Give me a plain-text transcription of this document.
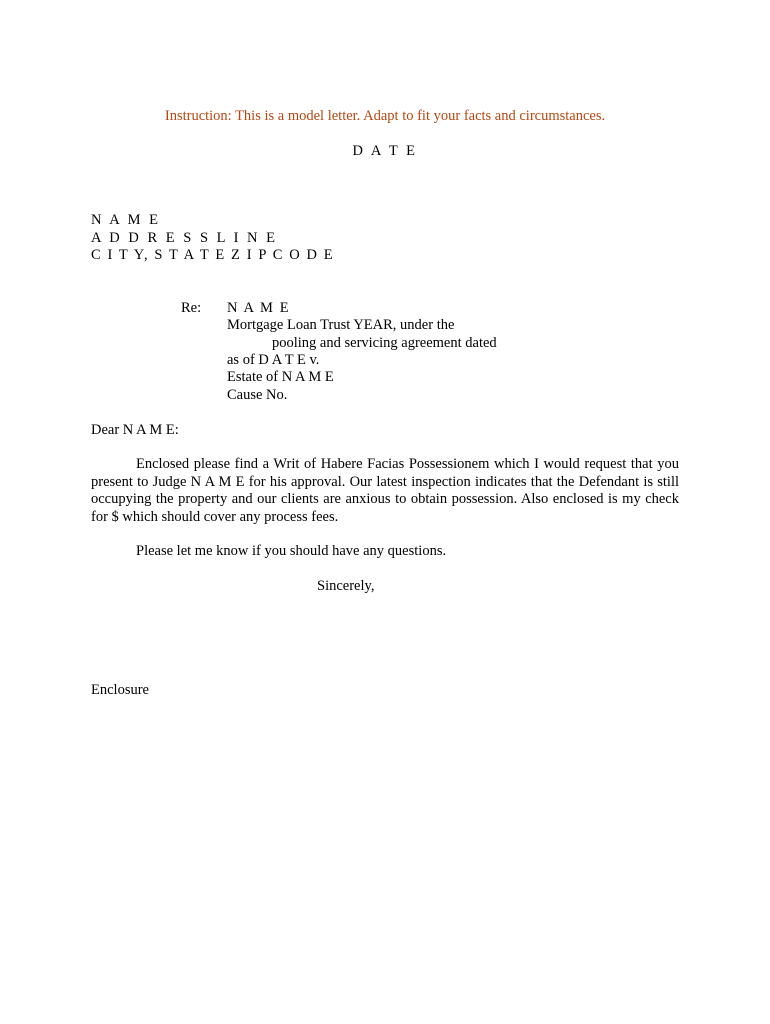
Instruction: This is a model letter. Adapt to fit your facts and circumstances.
D A T E
N A M E
A D D R E S S L I N E
C I T Y, S T A T E Z I P C O D E
Re: N A M E
Mortgage Loan Trust YEAR, under the
pooling and servicing agreement dated
as of D A T E v.
Estate of N A M E
Cause No.
Dear N A M E:
Enclosed please find a Writ of Habere Facias Possessionem which I would request that you present to Judge N A M E for his approval. Our latest inspection indicates that the Defendant is still occupying the property and our clients are anxious to obtain possession. Also enclosed is my check for $ which should cover any process fees.
Please let me know if you should have any questions.
Sincerely,
Enclosure
